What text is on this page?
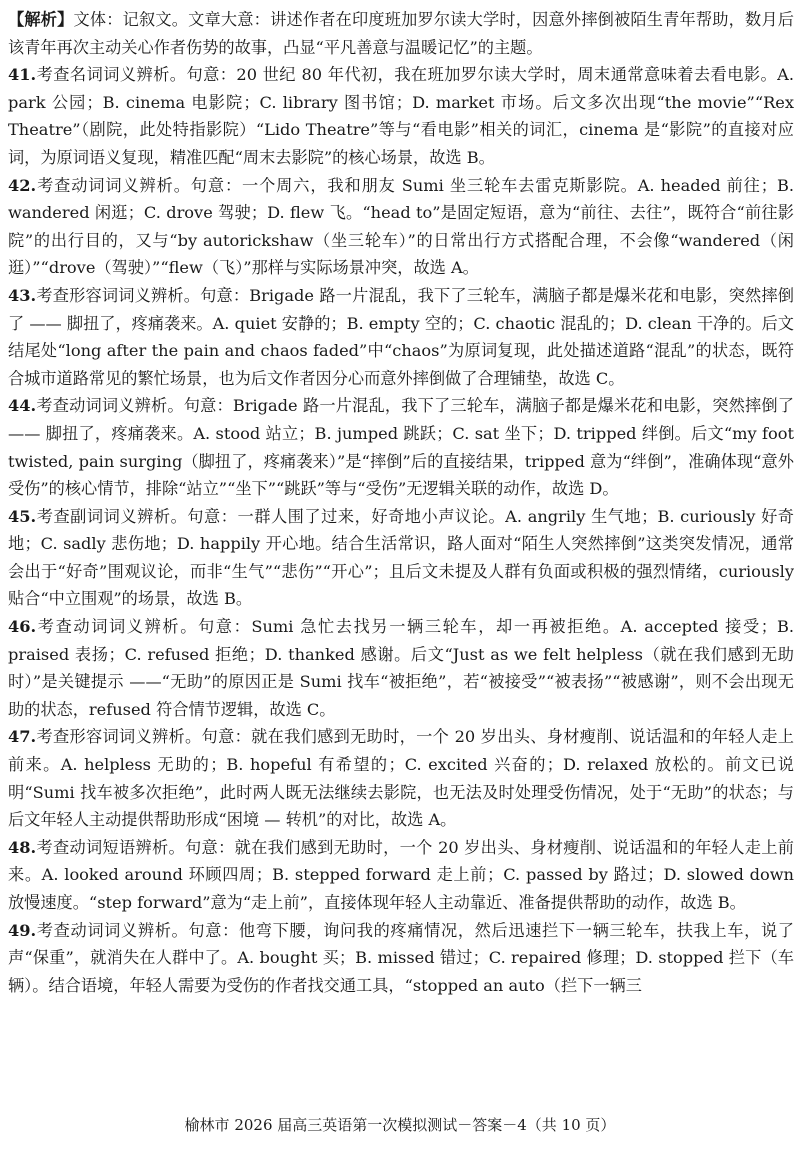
【解析】文体：记叙文。文章大意：讲述作者在印度班加罗尔读大学时，因意外摔倒被陌生青年帮助，数月后该青年再次主动关心作者伤势的故事，凸显“平凡善意与温暖记忆”的主题。

41.考查名词词义辨析。句意：20 世纪 80 年代初，我在班加罗尔读大学时，周末通常意味着去看电影。A. park 公园；B. cinema 电影院；C. library 图书馆；D. market 市场。后文多次出现“the movie”“Rex Theatre”（剧院，此处特指影院）“Lido Theatre”等与“看电影”相关的词汇，cinema 是“影院”的直接对应词，为原词语义复现，精准匹配“周末去影院”的核心场景，故选 B。

42.考查动词词义辨析。句意：一个周六，我和朋友 Sumi 坐三轮车去雷克斯影院。A. headed 前往；B. wandered 闲逛；C. drove 驾驶；D. flew 飞。“head to”是固定短语，意为“前往、去往”，既符合“前往影院”的出行目的，又与“by autorickshaw（坐三轮车）”的日常出行方式搭配合理，不会像“wandered（闲逛）”“drove（驾驶）”“flew（飞）”那样与实际场景冲突，故选 A。

43.考查形容词词义辨析。句意：Brigade 路一片混乱，我下了三轮车，满脑子都是爆米花和电影，突然摔倒了 —— 脚扭了，疼痛袭来。A. quiet 安静的；B. empty 空的；C. chaotic 混乱的；D. clean 干净的。后文结尾处“long after the pain and chaos faded”中“chaos”为原词复现，此处描述道路“混乱”的状态，既符合城市道路常见的繁忙场景，也为后文作者因分心而意外摔倒做了合理铺垫，故选 C。

44.考查动词词义辨析。句意：Brigade 路一片混乱，我下了三轮车，满脑子都是爆米花和电影，突然摔倒了 —— 脚扭了，疼痛袭来。A. stood 站立；B. jumped 跳跃；C. sat 坐下；D. tripped 绊倒。后文“my foot twisted, pain surging（脚扭了，疼痛袭来）”是“摔倒”后的直接结果，tripped 意为“绊倒”，准确体现“意外受伤”的核心情节，排除“站立”“坐下”“跳跃”等与“受伤”无逻辑关联的动作，故选 D。

45.考查副词词义辨析。句意：一群人围了过来，好奇地小声议论。A. angrily 生气地；B. curiously 好奇地；C. sadly 悲伤地；D. happily 开心地。结合生活常识，路人面对“陌生人突然摔倒”这类突发情况，通常会出于“好奇”围观议论，而非“生气”“悲伤”“开心”；且后文未提及人群有负面或积极的强烈情绪，curiously 贴合“中立围观”的场景，故选 B。

46.考查动词词义辨析。句意：Sumi 急忙去找另一辆三轮车，却一再被拒绝。A. accepted 接受；B. praised 表扬；C. refused 拒绝；D. thanked 感谢。后文“Just as we felt helpless（就在我们感到无助时）”是关键提示 ——“无助”的原因正是 Sumi 找车“被拒绝”，若“被接受”“被表扬”“被感谢”，则不会出现无助的状态，refused 符合情节逻辑，故选 C。

47.考查形容词词义辨析。句意：就在我们感到无助时，一个 20 岁出头、身材瘦削、说话温和的年轻人走上前来。A. helpless 无助的；B. hopeful 有希望的；C. excited 兴奋的；D. relaxed 放松的。前文已说明“Sumi 找车被多次拒绝”，此时两人既无法继续去影院，也无法及时处理受伤情况，处于“无助”的状态；与后文年轻人主动提供帮助形成“困境 — 转机”的对比，故选 A。

48.考查动词短语辨析。句意：就在我们感到无助时，一个 20 岁出头、身材瘦削、说话温和的年轻人走上前来。A. looked around 环顾四周；B. stepped forward 走上前；C. passed by 路过；D. slowed down 放慢速度。“step forward”意为“走上前”，直接体现年轻人主动靠近、准备提供帮助的动作，故选 B。

49.考查动词词义辨析。句意：他弯下腰，询问我的疼痛情况，然后迅速拦下一辆三轮车，扶我上车，说了声“保重”，就消失在人群中了。A. bought 买；B. missed 错过；C. repaired 修理；D. stopped 拦下（车辆）。结合语境，年轻人需要为受伤的作者找交通工具，“stopped an auto（拦下一辆三

榆林市 2026 届高三英语第一次模拟测试－答案－4（共 10 页）
